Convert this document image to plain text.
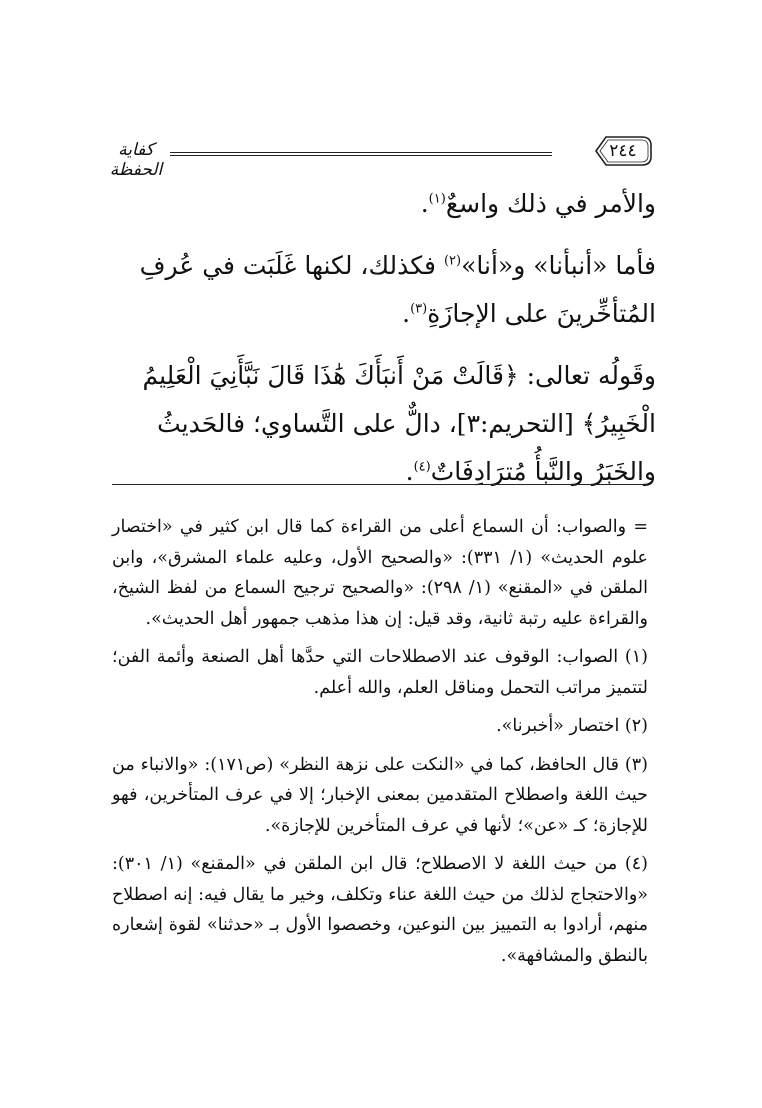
كفاية الحفظة
٢٤٤

والأمر في ذلك واسعٌ$^{(١)}$.

فأما «أنبأنا» و«أنا»$^{(٢)}$ فكذلك، لكنها غَلَبَت في عُرفِ المُتأخِّرينَ على الإجازَةِ$^{(٣)}$.

وقَولُه تعالى: ﴿قَالَتْ مَنْ أَنبَأَكَ هَٰذَا قَالَ نَبَّأَنِيَ الْعَلِيمُ الْخَبِيرُ﴾ [التحريم:٣]، دالٌّ على التَّساوي؛ فالحَديثُ والخَبَرُ والنَّبأُ مُترَادِفَاتٌ$^{(٤)}$.

= والصواب: أن السماع أعلى من القراءة كما قال ابن كثير في «اختصار علوم الحديث» (١/ ٣٣١): «والصحيح الأول، وعليه علماء المشرق»، وابن الملقن في «المقنع» (١/ ٢٩٨): «والصحيح ترجيح السماع من لفظ الشيخ، والقراءة عليه رتبة ثانية، وقد قيل: إن هذا مذهب جمهور أهل الحديث».

(١) الصواب: الوقوف عند الاصطلاحات التي حدَّها أهل الصنعة وأئمة الفن؛ لتتميز مراتب التحمل ومناقل العلم، والله أعلم.

(٢) اختصار «أخبرنا».

(٣) قال الحافظ، كما في «النكت على نزهة النظر» (ص١٧١): «والانباء من حيث اللغة واصطلاح المتقدمين بمعنى الإخبار؛ إلا في عرف المتأخرين، فهو للإجازة؛ كـ «عن»؛ لأنها في عرف المتأخرين للإجازة».

(٤) من حيث اللغة لا الاصطلاح؛ قال ابن الملقن في «المقنع» (١/ ٣٠١): «والاحتجاج لذلك من حيث اللغة عناء وتكلف، وخير ما يقال فيه: إنه اصطلاح منهم، أرادوا به التمييز بين النوعين، وخصصوا الأول بـ «حدثنا» لقوة إشعاره بالنطق والمشافهة».
